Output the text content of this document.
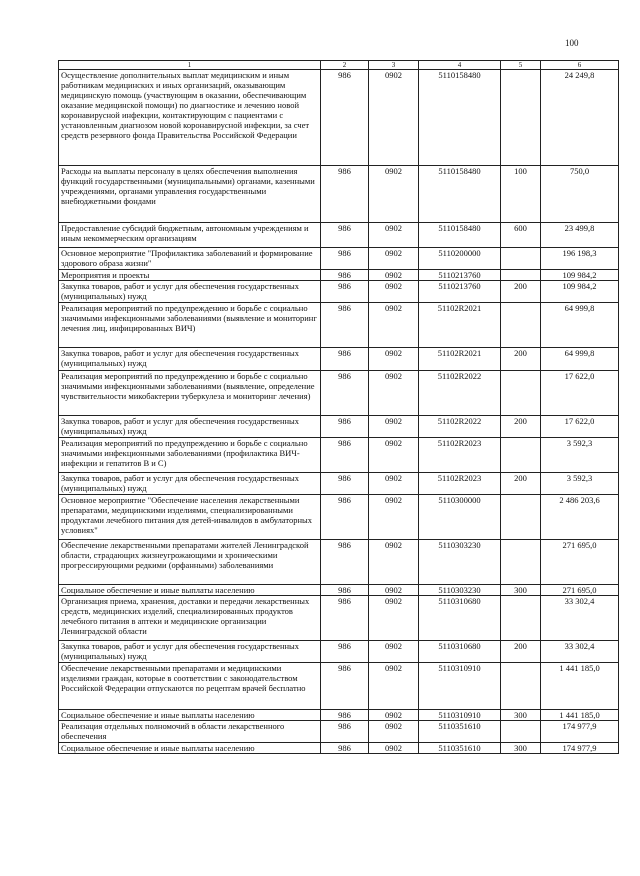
100
1	2	3	4	5	6
Осуществление дополнительных выплат медицинским и иным работникам медицинских и иных организаций, оказывающим медицинскую помощь (участвующим в оказании, обеспечивающим оказание медицинской помощи) по диагностике и лечению новой коронавирусной инфекции, контактирующим с пациентами с установленным диагнозом новой коронавирусной инфекции, за счет средств резервного фонда Правительства Российской Федерации	986	0902	5110158480		24 249,8
Расходы на выплаты персоналу в целях обеспечения выполнения функций государственными (муниципальными) органами, казенными учреждениями, органами управления государственными внебюджетными фондами	986	0902	5110158480	100	750,0
Предоставление субсидий бюджетным, автономным учреждениям и иным некоммерческим организациям	986	0902	5110158480	600	23 499,8
Основное мероприятие "Профилактика заболеваний и формирование здорового образа жизни"	986	0902	5110200000		196 198,3
Мероприятия и проекты	986	0902	5110213760		109 984,2
Закупка товаров, работ и услуг для обеспечения государственных (муниципальных) нужд	986	0902	5110213760	200	109 984,2
Реализация мероприятий по предупреждению и борьбе с социально значимыми инфекционными заболеваниями (выявление и мониторинг лечения лиц, инфицированных ВИЧ)	986	0902	51102R2021		64 999,8
Закупка товаров, работ и услуг для обеспечения государственных (муниципальных) нужд	986	0902	51102R2021	200	64 999,8
Реализация мероприятий по предупреждению и борьбе с социально значимыми инфекционными заболеваниями (выявление, определение чувствительности микобактерии туберкулеза и мониторинг лечения)	986	0902	51102R2022		17 622,0
Закупка товаров, работ и услуг для обеспечения государственных (муниципальных) нужд	986	0902	51102R2022	200	17 622,0
Реализация мероприятий по предупреждению и борьбе с социально значимыми инфекционными заболеваниями (профилактика ВИЧ-инфекции и гепатитов В и С)	986	0902	51102R2023		3 592,3
Закупка товаров, работ и услуг для обеспечения государственных (муниципальных) нужд	986	0902	51102R2023	200	3 592,3
Основное мероприятие "Обеспечение населения лекарственными препаратами, медицинскими изделиями, специализированными продуктами лечебного питания для детей-инвалидов в амбулаторных условиях"	986	0902	5110300000		2 486 203,6
Обеспечение лекарственными препаратами жителей Ленинградской области, страдающих жизнеугрожающими и хроническими прогрессирующими редкими (орфанными) заболеваниями	986	0902	5110303230		271 695,0
Социальное обеспечение и иные выплаты населению	986	0902	5110303230	300	271 695,0
Организация приема, хранения, доставки и передачи лекарственных средств, медицинских изделий, специализированных продуктов лечебного питания в аптеки и медицинские организации Ленинградской области	986	0902	5110310680		33 302,4
Закупка товаров, работ и услуг для обеспечения государственных (муниципальных) нужд	986	0902	5110310680	200	33 302,4
Обеспечение лекарственными препаратами и медицинскими изделиями граждан, которые в соответствии с законодательством Российской Федерации отпускаются по рецептам врачей бесплатно	986	0902	5110310910		1 441 185,0
Социальное обеспечение и иные выплаты населению	986	0902	5110310910	300	1 441 185,0
Реализация отдельных полномочий в области лекарственного обеспечения	986	0902	5110351610		174 977,9
Социальное обеспечение и иные выплаты населению	986	0902	5110351610	300	174 977,9
